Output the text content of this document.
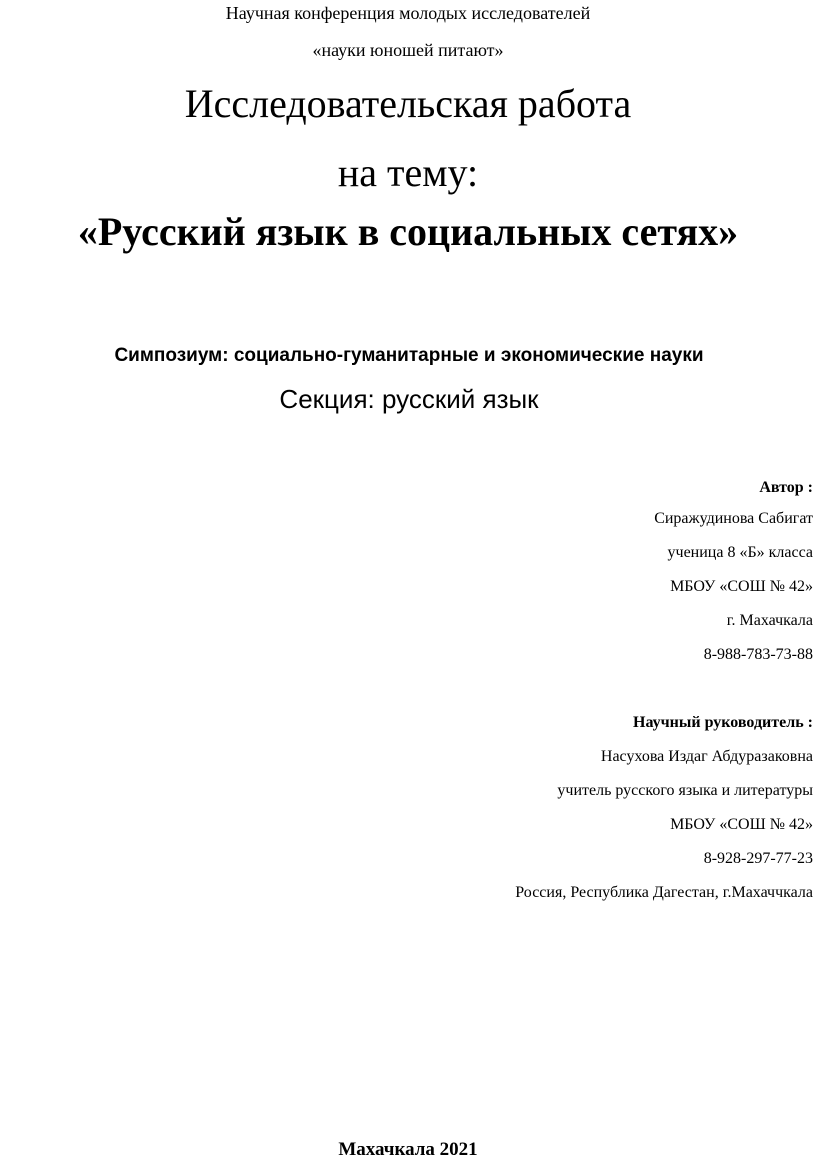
Научная конференция молодых исследователей
«науки юношей питают»
Исследовательская работа
на тему:
«Русский язык в социальных сетях»
Симпозиум: социально-гуманитарные и экономические науки
Секция: русский язык
Автор :
Сиражудинова Сабигат
ученица 8 «Б» класса
МБОУ «СОШ № 42»
г. Махачкала
8-988-783-73-88
Научный руководитель :
Насухова Издаг Абдуразаковна
учитель русского языка и литературы
МБОУ «СОШ № 42»
8-928-297-77-23
Россия, Республика Дагестан, г.Махаччкала
Махачкала 2021
